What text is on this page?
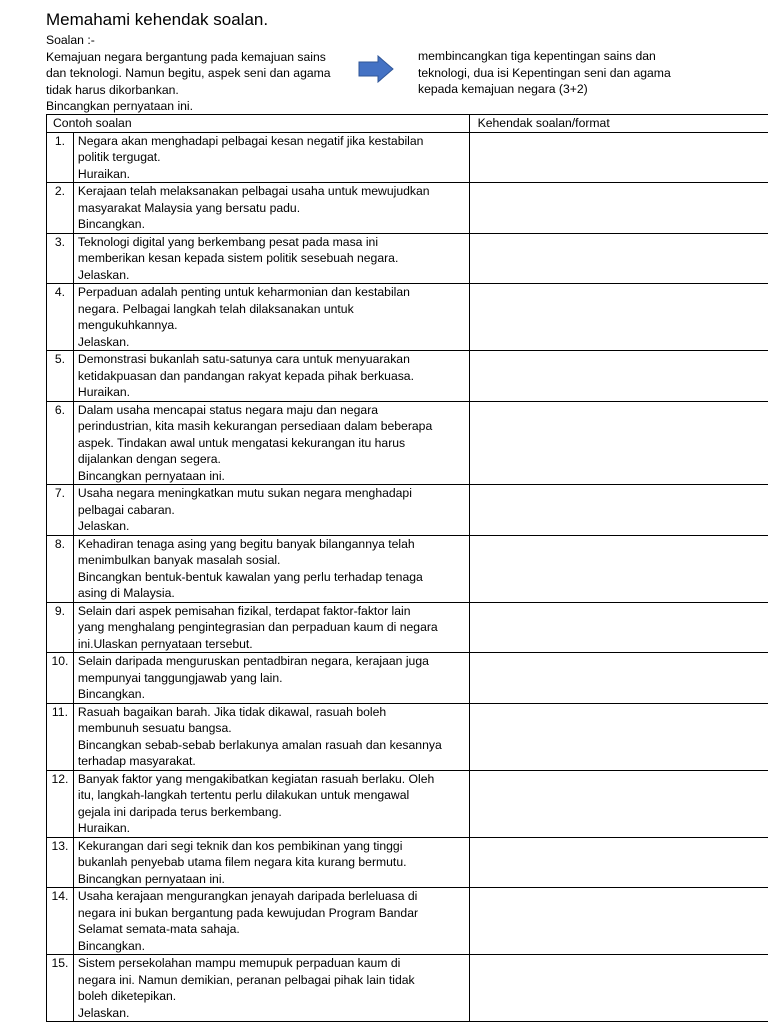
Memahami kehendak soalan.
Soalan :-
Kemajuan negara bergantung pada kemajuan sains
dan teknologi. Namun begitu, aspek seni dan agama
tidak harus dikorbankan.
Bincangkan pernyataan ini.
membincangkan tiga kepentingan sains dan
teknologi, dua isi Kepentingan seni dan agama
kepada kemajuan negara (3+2)
Contoh soalan		Kehendak soalan/format
1.	Negara akan menghadapi pelbagai kesan negatif jika kestabilan
politik tergugat.
Huraikan.	

2.	Kerajaan telah melaksanakan pelbagai usaha untuk mewujudkan
masyarakat Malaysia yang bersatu padu.
Bincangkan.	

3.	Teknologi digital yang berkembang pesat pada masa ini
memberikan kesan kepada sistem politik sesebuah negara.
Jelaskan.	

4.	Perpaduan adalah penting untuk keharmonian dan kestabilan
negara. Pelbagai langkah telah dilaksanakan untuk
mengukuhkannya.
Jelaskan.	

5.	Demonstrasi bukanlah satu-satunya cara untuk menyuarakan
ketidakpuasan dan pandangan rakyat kepada pihak berkuasa.
Huraikan.	

6.	Dalam usaha mencapai status negara maju dan negara
perindustrian, kita masih kekurangan persediaan dalam beberapa
aspek. Tindakan awal untuk mengatasi kekurangan itu harus
dijalankan dengan segera.
Bincangkan pernyataan ini.	

7.	Usaha negara meningkatkan mutu sukan negara menghadapi
pelbagai cabaran.
Jelaskan.	

8.	Kehadiran tenaga asing yang begitu banyak bilangannya telah
menimbulkan banyak masalah sosial.
Bincangkan bentuk-bentuk kawalan yang perlu terhadap tenaga
asing di Malaysia.	

9.	Selain dari aspek pemisahan fizikal, terdapat faktor-faktor lain
yang menghalang pengintegrasian dan perpaduan kaum di negara
ini.Ulaskan pernyataan tersebut.	

10.	Selain daripada menguruskan pentadbiran negara, kerajaan juga
mempunyai tanggungjawab yang lain.
Bincangkan.	

11.	Rasuah bagaikan barah. Jika tidak dikawal, rasuah boleh
membunuh sesuatu bangsa.
Bincangkan sebab-sebab berlakunya amalan rasuah dan kesannya
terhadap masyarakat.	

12.	Banyak faktor yang mengakibatkan kegiatan rasuah berlaku. Oleh
itu, langkah-langkah tertentu perlu dilakukan untuk mengawal
gejala ini daripada terus berkembang.
Huraikan.	

13.	Kekurangan dari segi teknik dan kos pembikinan yang tinggi
bukanlah penyebab utama filem negara kita kurang bermutu.
Bincangkan pernyataan ini.	

14.	Usaha kerajaan mengurangkan jenayah daripada berleluasa di
negara ini bukan bergantung pada kewujudan Program Bandar
Selamat semata-mata sahaja.
Bincangkan.	

15.	Sistem persekolahan mampu memupuk perpaduan kaum di
negara ini. Namun demikian, peranan pelbagai pihak lain tidak
boleh diketepikan.
Jelaskan.	
